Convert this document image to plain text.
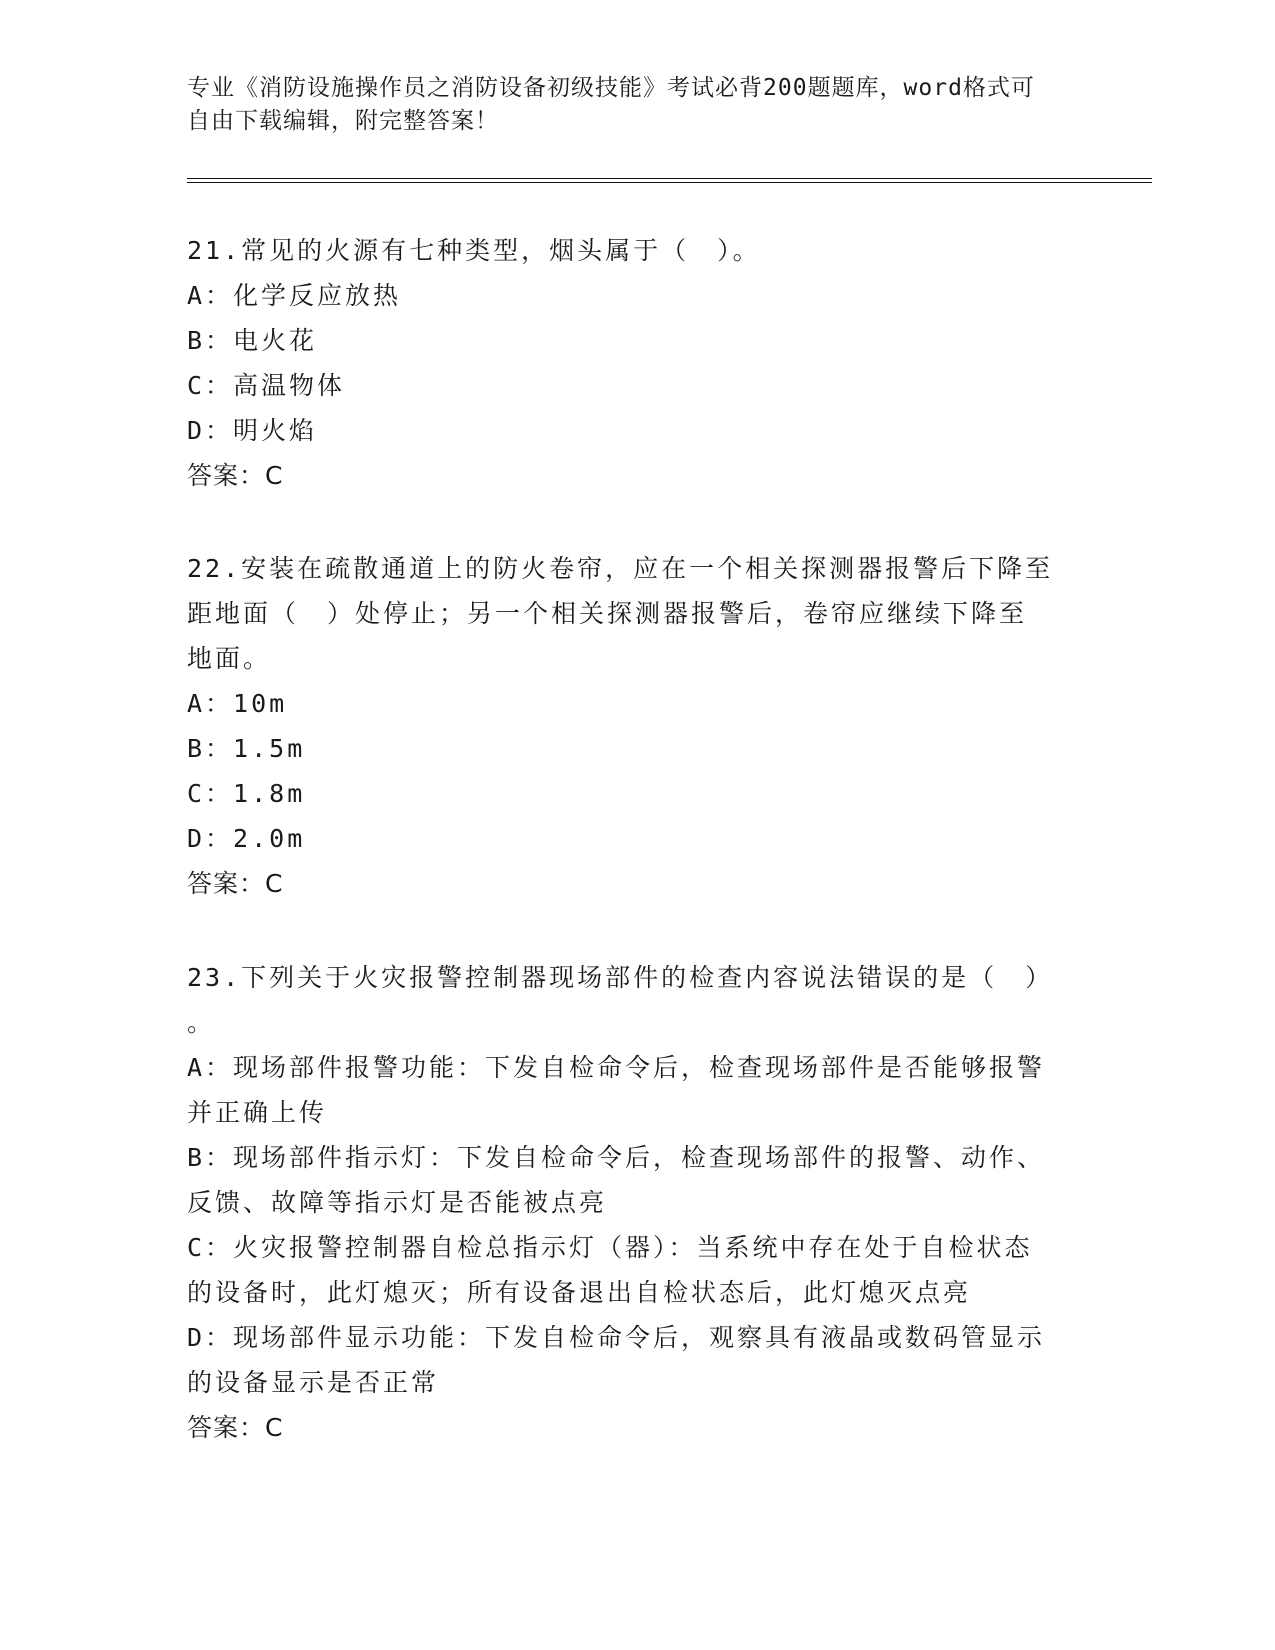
专业《消防设施操作员之消防设备初级技能》考试必背200题题库，word格式可
自由下载编辑，附完整答案！
21.常见的火源有七种类型，烟头属于（　）。
A：化学反应放热
B：电火花
C：高温物体
D：明火焰
答案：C
22.安装在疏散通道上的防火卷帘，应在一个相关探测器报警后下降至
距地面（　）处停止；另一个相关探测器报警后，卷帘应继续下降至
地面。
A：10m
B：1.5m
C：1.8m
D：2.0m
答案：C
23.下列关于火灾报警控制器现场部件的检查内容说法错误的是（　）
。
A：现场部件报警功能：下发自检命令后，检查现场部件是否能够报警
并正确上传
B：现场部件指示灯：下发自检命令后，检查现场部件的报警、动作、
反馈、故障等指示灯是否能被点亮
C：火灾报警控制器自检总指示灯（器）：当系统中存在处于自检状态
的设备时，此灯熄灭；所有设备退出自检状态后，此灯熄灭点亮
D：现场部件显示功能：下发自检命令后，观察具有液晶或数码管显示
的设备显示是否正常
答案：C
